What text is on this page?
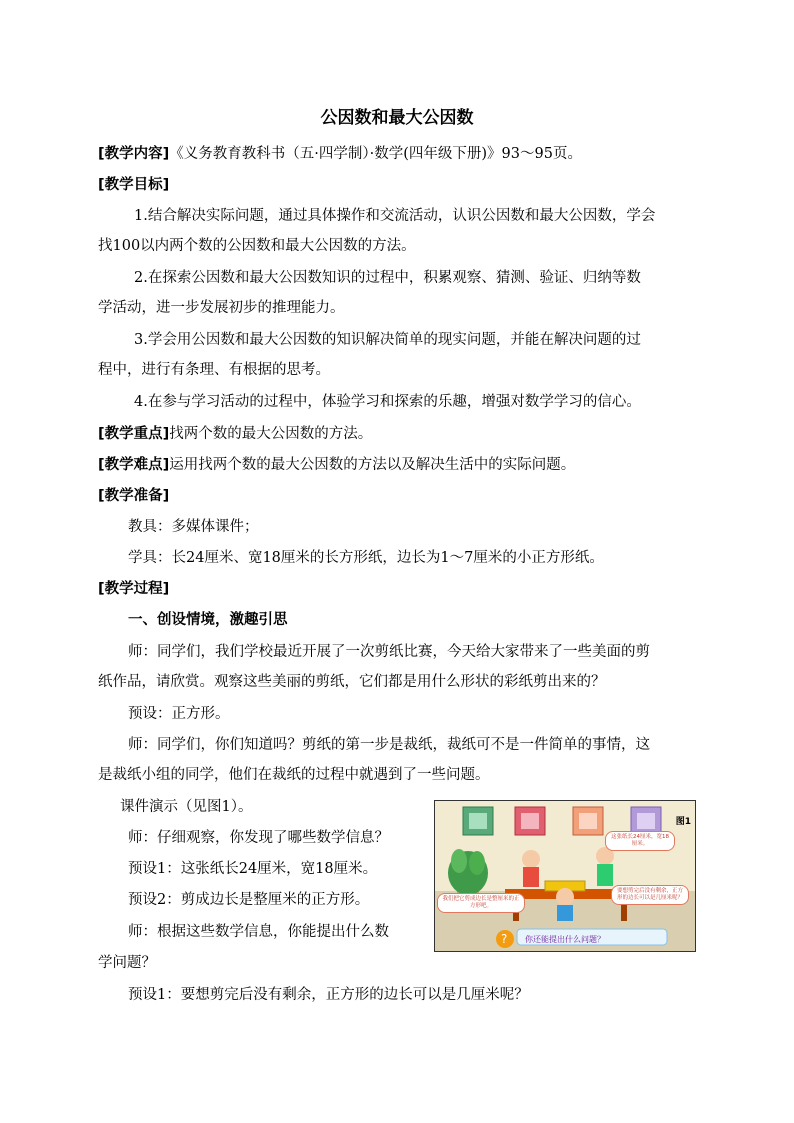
公因数和最大公因数
[教学内容]《义务教育教科书（五·四学制）·数学(四年级下册)》93～95页。
[教学目标]
1.结合解决实际问题，通过具体操作和交流活动，认识公因数和最大公因数，学会
找100以内两个数的公因数和最大公因数的方法。
2.在探索公因数和最大公因数知识的过程中，积累观察、猜测、验证、归纳等数
学活动，进一步发展初步的推理能力。
3.学会用公因数和最大公因数的知识解决简单的现实问题，并能在解决问题的过
程中，进行有条理、有根据的思考。
4.在参与学习活动的过程中，体验学习和探索的乐趣，增强对数学学习的信心。
[教学重点]找两个数的最大公因数的方法。
[教学难点]运用找两个数的最大公因数的方法以及解决生活中的实际问题。
[教学准备]
教具：多媒体课件；
学具：长24厘米、宽18厘米的长方形纸，边长为1～7厘米的小正方形纸。
[教学过程]
一、创设情境，激趣引思
师：同学们，我们学校最近开展了一次剪纸比赛，今天给大家带来了一些美面的剪
纸作品，请欣赏。观察这些美丽的剪纸，它们都是用什么形状的彩纸剪出来的？
预设：正方形。
师：同学们，你们知道吗？剪纸的第一步是裁纸，裁纸可不是一件简单的事情，这
是裁纸小组的同学，他们在裁纸的过程中就遇到了一些问题。
课件演示（见图1）。
师：仔细观察，你发现了哪些数学信息？
预设1：这张纸长24厘米，宽18厘米。
预设2：剪成边长是整厘米的正方形。
师：根据这些数学信息，你能提出什么数
学问题？
预设1：要想剪完后没有剩余，正方形的边长可以是几厘米呢？
?
图1
这张纸长24厘米，宽18厘米。
我们把它剪成边长是整厘米的正方形吧。
要想剪完后没有剩余，正方形的边长可以是几厘米呢？
你还能提出什么问题？
